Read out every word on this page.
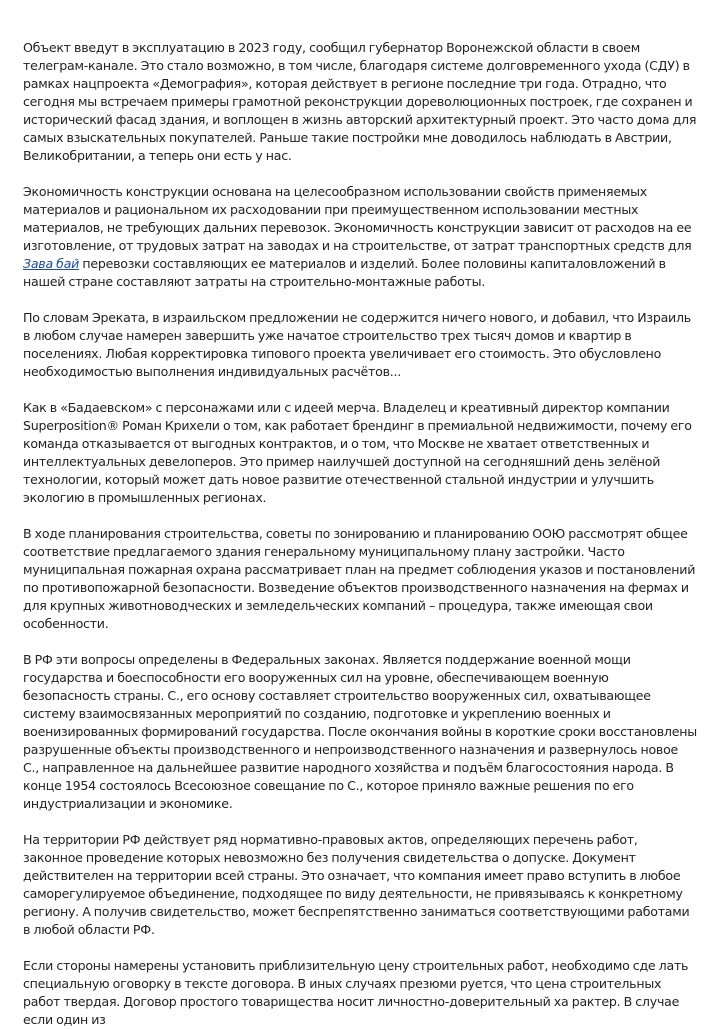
Объект введут в эксплуатацию в 2023 году, сообщил губернатор Воронежской области в своем телеграм-канале. Это стало возможно, в том числе, благодаря системе долговременного ухода (СДУ) в рамках нацпроекта «Демография», которая действует в регионе последние три года. Отрадно, что сегодня мы встречаем примеры грамотной реконструкции дореволюционных построек, где сохранен и исторический фасад здания, и воплощен в жизнь авторский архитектурный проект. Это часто дома для самых взыскательных покупателей. Раньше такие постройки мне доводилось наблюдать в Австрии, Великобритании, а теперь они есть у нас.

Экономичность конструкции основана на целесообразном использовании свойств применяемых материалов и рациональном их расходовании при преимущественном использовании местных материалов, не требующих дальних перевозок. Экономичность конструкции зависит от расходов на ее изготовление, от трудовых затрат на заводах и на строительстве, от затрат транспортных средств для Зава бай перевозки составляющих ее материалов и изделий. Более половины капиталовложений в нашей стране составляют затраты на строительно-монтажные работы.

По словам Эреката, в израильском предложении не содержится ничего нового, и добавил, что Израиль в любом случае намерен завершить уже начатое строительство трех тысяч домов и квартир в поселениях. Любая корректировка типового проекта увеличивает его стоимость. Это обусловлено необходимостью выполнения индивидуальных расчётов...

Как в «Бадаевском» с персонажами или с идеей мерча. Владелец и креативный директор компании Superposition® Роман Крихели о том, как работает брендинг в премиальной недвижимости, почему его команда отказывается от выгодных контрактов, и о том, что Москве не хватает ответственных и интеллектуальных девелоперов. Это пример наилучшей доступной на сегодняшний день зелёной технологии, который может дать новое развитие отечественной стальной индустрии и улучшить экологию в промышленных регионах.

В ходе планирования строительства, советы по зонированию и планированию ООЮ рассмотрят общее соответствие предлагаемого здания генеральному муниципальному плану застройки. Часто муниципальная пожарная охрана рассматривает план на предмет соблюдения указов и постановлений по противопожарной безопасности. Возведение объектов производственного назначения на фермах и для крупных животноводческих и земледельческих компаний – процедура, также имеющая свои особенности.

В РФ эти вопросы определены в Федеральных законах. Является поддержание военной мощи государства и боеспособности его вооруженных сил на уровне, обеспечивающем военную безопасность страны. С., его основу составляет строительство вооруженных сил, охватывающее систему взаимосвязанных мероприятий по созданию, подготовке и укреплению военных и военизированных формирований государства. После окончания войны в короткие сроки восстановлены разрушенные объекты производственного и непроизводственного назначения и развернулось новое С., направленное на дальнейшее развитие народного хозяйства и подъём благосостояния народа. В конце 1954 состоялось Всесоюзное совещание по С., которое приняло важные решения по его индустриализации и экономике.

На территории РФ действует ряд нормативно-правовых актов, определяющих перечень работ, законное проведение которых невозможно без получения свидетельства о допуске. Документ действителен на территории всей страны. Это означает, что компания имеет право вступить в любое саморегулируемое объединение, подходящее по виду деятельности, не привязываясь к конкретному региону. А получив свидетельство, может беспрепятственно заниматься соответствующими работами в любой области РФ.

Если стороны намерены установить приблизительную цену строительных работ, необходимо сде лать специальную оговорку в тексте договора. В иных случаях презюми руется, что цена строительных работ твердая. Договор простого товарищества носит личностно-доверительный ха рактер. В случае если один из
